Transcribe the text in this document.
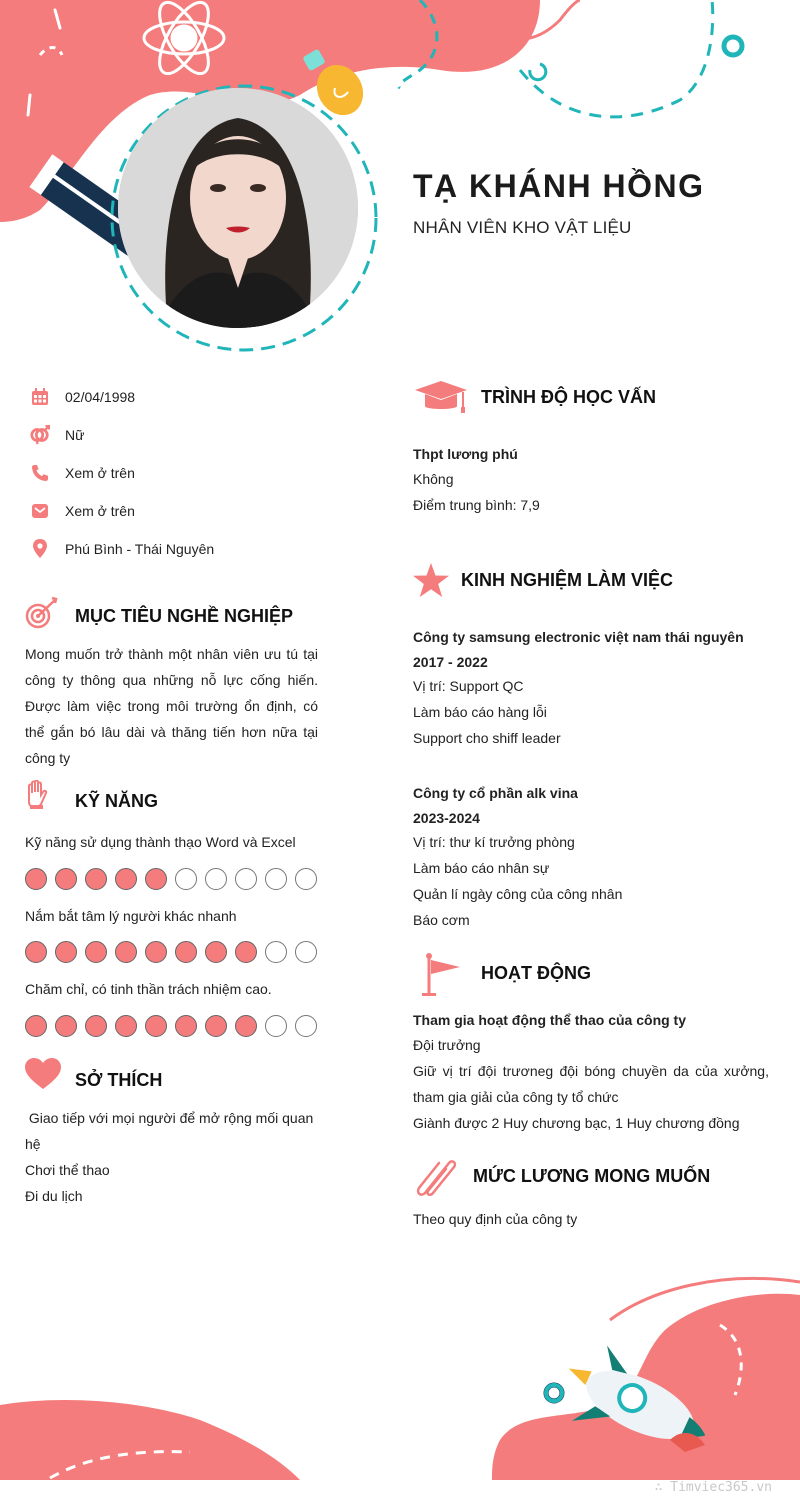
TẠ KHÁNH HỒNG
NHÂN VIÊN KHO VẬT LIỆU
02/04/1998
Nữ
Xem ở trên
Xem ở trên
Phú Bình - Thái Nguyên
MỤC TIÊU NGHỀ NGHIỆP
Mong muốn trở thành một nhân viên ưu tú tại công ty thông qua những nỗ lực cống hiến. Được làm việc trong môi trường ổn định, có thể gắn bó lâu dài và thăng tiến hơn nữa tại công ty
KỸ NĂNG
Kỹ năng sử dụng thành thạo Word và Excel
Nắm bắt tâm lý người khác nhanh
Chăm chỉ, có tinh thần trách nhiệm cao.
SỞ THÍCH
Giao tiếp với mọi người để mở rộng mối quan hệ
Chơi thể thao
Đi du lịch
TRÌNH ĐỘ HỌC VẤN
Thpt lương phú
Không
Điểm trung bình: 7,9
KINH NGHIỆM LÀM VIỆC
Công ty samsung electronic việt nam thái nguyên
2017 - 2022
Vị trí: Support QC
Làm báo cáo hàng lỗi
Support cho shiff leader
Công ty cổ phần alk vina
2023-2024
Vị trí: thư kí trưởng phòng
Làm báo cáo nhân sự
Quản lí ngày công của công nhân
Báo cơm
HOẠT ĐỘNG
Tham gia hoạt động thể thao của công ty
Đội trưởng
Giữ vị trí đội trươneg đội bóng chuyền da của xưởng, tham gia giải của công ty tổ chức
Giành được 2 Huy chương bạc, 1 Huy chương đồng
MỨC LƯƠNG MONG MUỐN
Theo quy định của công ty
∴ Timviec365.vn
